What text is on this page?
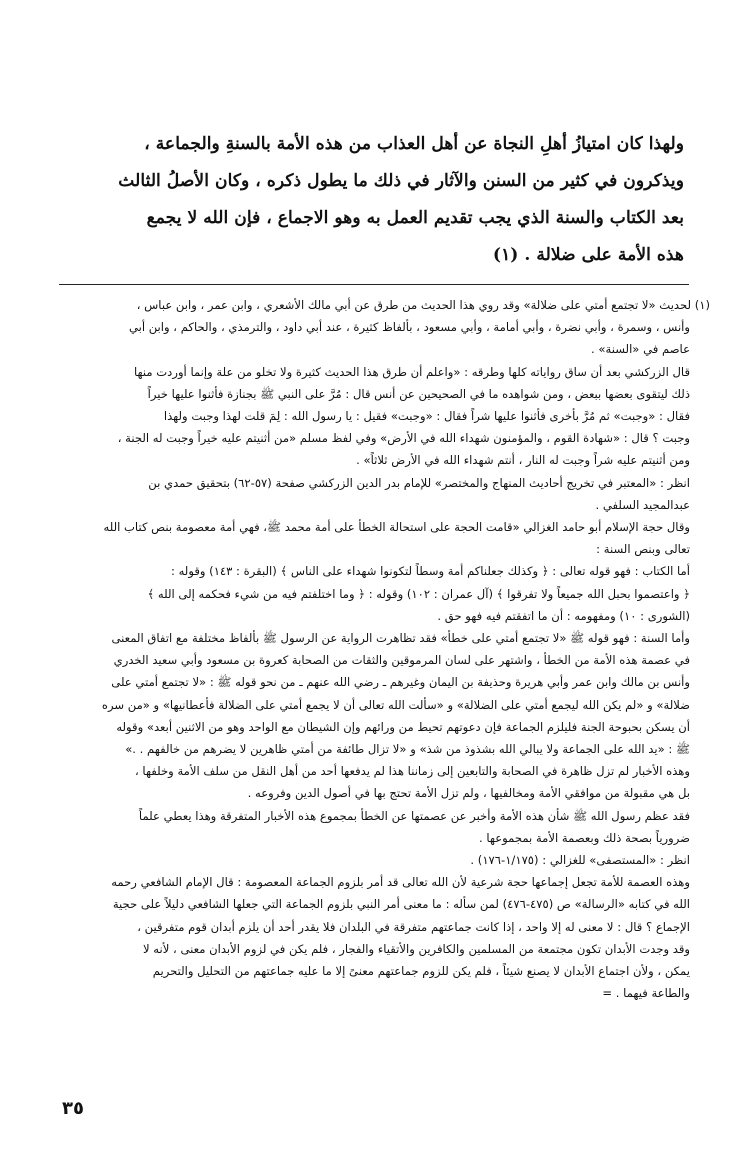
ولهذا كان امتيازُ أهلِ النجاة عن أهل العذاب من هذه الأمة بالسنةِ والجماعة ،
ويذكرون في كثير من السنن والآثار في ذلك ما يطول ذكره ، وكان الأصلُ الثالث
بعد الكتاب والسنة الذي يجب تقديم العمل به وهو الاجماع ، فإن الله لا يجمع
هذه الأمة على ضلالة . (١)
(١) لحديث «لا تجتمع أمتي على ضلالة» وقد روي هذا الحديث من طرق عن أبي مالك الأشعري ، وابن عمر ، وابن عباس ،
وأنس ، وسمرة ، وأبي نضرة ، وأبي أمامة ، وأبي مسعود ، بألفاظ كثيرة ، عند أبي داود ، والترمذي ، والحاكم ، وابن أبي
عاصم في «السنة» .
قال الزركشي بعد أن ساق رواياته كلها وطرقه : «واعلم أن طرق هذا الحديث كثيرة ولا تخلو من علة وإنما أوردت منها
ذلك ليتقوى بعضها ببعض ، ومن شواهده ما في الصحيحين عن أنس قال : مُرَّ على النبي ﷺ بجنازة فأثنوا عليها خيراً
فقال : «وجبت» ثم مُرَّ بأخرى فأثنوا عليها شراً فقال : «وجبت» فقيل : يا رسول الله : لِمَ قلت لهذا وجبت ولهذا
وجبت ؟ قال : «شهادة القوم ، والمؤمنون شهداء الله في الأرض» وفي لفظ مسلم «من أثنيتم عليه خيراً وجبت له الجنة ،
ومن أثنيتم عليه شراً وجبت له النار ، أنتم شهداء الله في الأرض ثلاثاً» .
انظر : «المعتبر في تخريج أحاديث المنهاج والمختصر» للإمام بدر الدين الزركشي صفحة (٥٧-٦٢) بتحقيق حمدي بن
عبدالمجيد السلفي .
وقال حجة الإسلام أبو حامد الغزالي «قامت الحجة على استحالة الخطأ على أمة محمد ﷺ، فهي أمة معصومة بنص كتاب الله
تعالى وبنص السنة :
أما الكتاب : فهو قوله تعالى : ﴿ وكذلك جعلناكم أمة وسطاً لتكونوا شهداء على الناس ﴾ (البقرة : ١٤٣) وقوله :
﴿ واعتصموا بحبل الله جميعاً ولا تفرقوا ﴾ (آل عمران : ١٠٢) وقوله : ﴿ وما اختلفتم فيه من شيء فحكمه إلى الله ﴾
(الشورى : ١٠) ومفهومه : أن ما اتفقتم فيه فهو حق .
وأما السنة : فهو قوله ﷺ «لا تجتمع أمتي على خطأ» فقد تظاهرت الرواية عن الرسول ﷺ بألفاظ مختلفة مع اتفاق المعنى
في عصمة هذه الأمة من الخطأ ، واشتهر على لسان المرموقين والثقات من الصحابة كعروة بن مسعود وأبي سعيد الخدري
وأنس بن مالك وابن عمر وأبي هريرة وحذيفة بن اليمان وغيرهم ـ رضي الله عنهم ـ من نحو قوله ﷺ : «لا تجتمع أمتي على
ضلالة» و «لم يكن الله ليجمع أمتي على الضلالة» و «سألت الله تعالى أن لا يجمع أمتي على الضلالة فأعطانيها» و «من سره
أن يسكن بحبوحة الجنة فليلزم الجماعة فإن دعوتهم تحيط من ورائهم وإن الشيطان مع الواحد وهو من الاثنين أبعد» وقوله
ﷺ : «يد الله على الجماعة ولا يبالي الله بشذوذ من شذ» و «لا تزال طائفة من أمتي ظاهرين لا يضرهم من خالفهم . .»
وهذه الأخبار لم تزل ظاهرة في الصحابة والتابعين إلى زماننا هذا لم يدفعها أحد من أهل النقل من سلف الأمة وخلفها ،
بل هي مقبولة من موافقي الأمة ومخالفيها ، ولم تزل الأمة تحتج بها في أصول الدين وفروعه .
فقد عظم رسول الله ﷺ شأن هذه الأمة وأخبر عن عصمتها عن الخطأ بمجموع هذه الأخبار المتفرقة وهذا يعطي علماً
ضرورياً بصحة ذلك وبعصمة الأمة بمجموعها .
انظر : «المستصفى» للغزالي : (١/١٧٥-١٧٦) .
وهذه العصمة للأمة تجعل إجماعها حجة شرعية لأن الله تعالى قد أمر بلزوم الجماعة المعصومة : قال الإمام الشافعي رحمه
الله في كتابه «الرسالة» ص (٤٧٥-٤٧٦) لمن سأله : ما معنى أمر النبي بلزوم الجماعة التي جعلها الشافعي دليلاً على حجية
الإجماع ؟ قال : لا معنى له إلا واحد ، إذا كانت جماعتهم متفرقة في البلدان فلا يقدر أحد أن يلزم أبدان قوم متفرقين ،
وقد وجدت الأبدان تكون مجتمعة من المسلمين والكافرين والأتقياء والفجار ، فلم يكن في لزوم الأبدان معنى ، لأنه لا
يمكن ، ولأن اجتماع الأبدان لا يصنع شيئاً ، فلم يكن للزوم جماعتهم معنىً إلا ما عليه جماعتهم من التحليل والتحريم
والطاعة فيهما . =
٣٥
